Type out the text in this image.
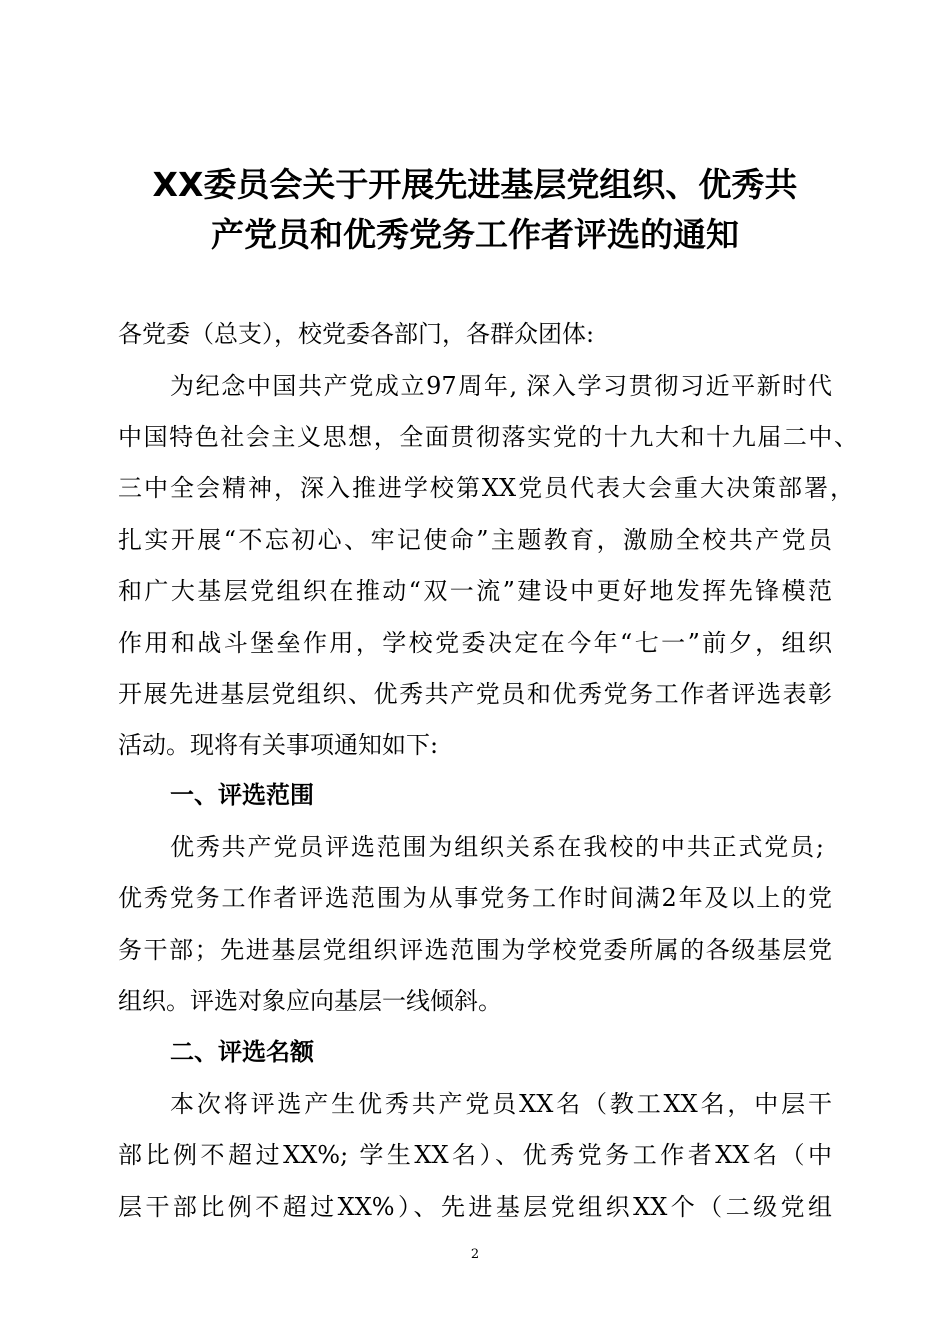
XX委员会关于开展先进基层党组织、优秀共
产党员和优秀党务工作者评选的通知
各党委（总支），校党委各部门，各群众团体:
为纪念中国共产党成立97周年, 深入学习贯彻习近平新时代
中国特色社会主义思想，全面贯彻落实党的十九大和十九届二中、
三中全会精神，深入推进学校第XX党员代表大会重大决策部署，
扎实开展“不忘初心、牢记使命”主题教育，激励全校共产党员
和广大基层党组织在推动“双一流”建设中更好地发挥先锋模范
作用和战斗堡垒作用，学校党委决定在今年“七一”前夕，组织
开展先进基层党组织、优秀共产党员和优秀党务工作者评选表彰
活动。现将有关事项通知如下:
一、评选范围
优秀共产党员评选范围为组织关系在我校的中共正式党员;
优秀党务工作者评选范围为从事党务工作时间满2年及以上的党
务干部；先进基层党组织评选范围为学校党委所属的各级基层党
组织。评选对象应向基层一线倾斜。
二、评选名额
本次将评选产生优秀共产党员XX名（教工XX名，中层干
部比例不超过XX%; 学生XX名）、优秀党务工作者XX名（中
层干部比例不超过XX%）、先进基层党组织XX个（二级党组
2
